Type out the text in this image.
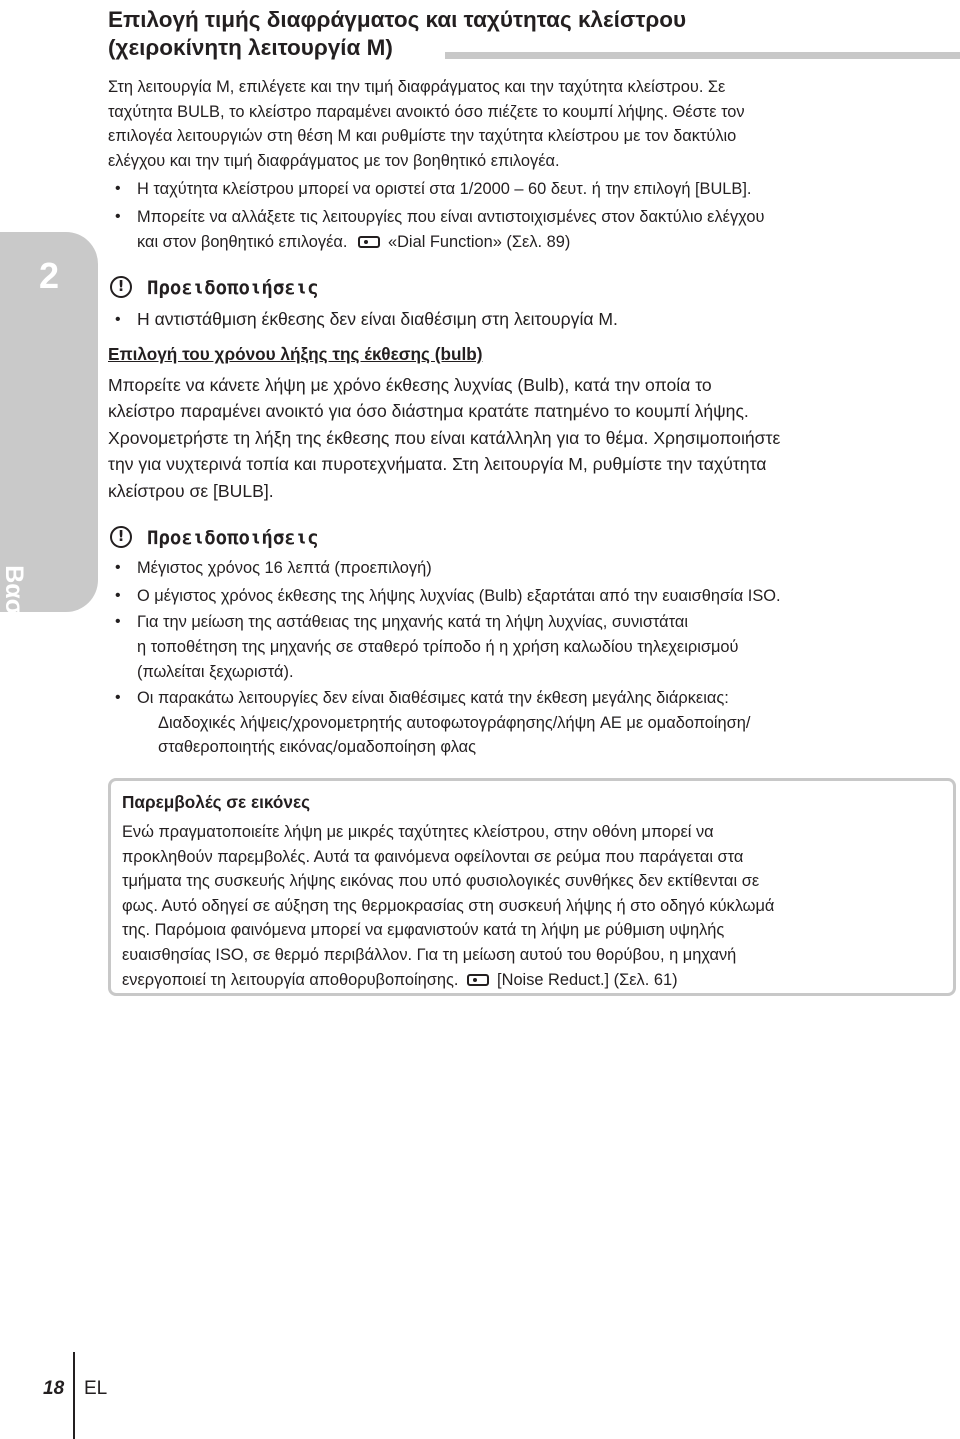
Επιλογή τιμής διαφράγματος και ταχύτητας κλείστρου
(χειροκίνητη λειτουργία M)
2
Βασική φωτογράφιση
Στη λειτουργία M, επιλέγετε και την τιμή διαφράγματος και την ταχύτητα κλείστρου. Σε
ταχύτητα BULB, το κλείστρο παραμένει ανοικτό όσο πιέζετε το κουμπί λήψης. Θέστε τον
επιλογέα λειτουργιών στη θέση M και ρυθμίστε την ταχύτητα κλείστρου με τον δακτύλιο
ελέγχου και την τιμή διαφράγματος με τον βοηθητικό επιλογέα.
• Η ταχύτητα κλείστρου μπορεί να οριστεί στα 1/2000 – 60 δευτ. ή την επιλογή [BULB].
• Μπορείτε να αλλάξετε τις λειτουργίες που είναι αντιστοιχισμένες στον δακτύλιο ελέγχου
και στον βοηθητικό επιλογέα. «Dial Function» (Σελ. 89)
!	Προειδοποιήσεις
• Η αντιστάθμιση έκθεσης δεν είναι διαθέσιμη στη λειτουργία M.
Επιλογή του χρόνου λήξης της έκθεσης (bulb)
Μπορείτε να κάνετε λήψη με χρόνο έκθεσης λυχνίας (Bulb), κατά την οποία το
κλείστρο παραμένει ανοικτό για όσο διάστημα κρατάτε πατημένο το κουμπί λήψης.
Χρονομετρήστε τη λήξη της έκθεσης που είναι κατάλληλη για το θέμα. Χρησιμοποιήστε
την για νυχτερινά τοπία και πυροτεχνήματα. Στη λειτουργία M, ρυθμίστε την ταχύτητα
κλείστρου σε [BULB].
!	Προειδοποιήσεις
• Μέγιστος χρόνος 16 λεπτά (προεπιλογή)
• Ο μέγιστος χρόνος έκθεσης της λήψης λυχνίας (Bulb) εξαρτάται από την ευαισθησία ISO.
• Για την μείωση της αστάθειας της μηχανής κατά τη λήψη λυχνίας, συνιστάται
η τοποθέτηση της μηχανής σε σταθερό τρίποδο ή η χρήση καλωδίου τηλεχειρισμού
(πωλείται ξεχωριστά).
• Οι παρακάτω λειτουργίες δεν είναι διαθέσιμες κατά την έκθεση μεγάλης διάρκειας:
Διαδοχικές λήψεις/χρονομετρητής αυτοφωτογράφησης/λήψη AE με ομαδοποίηση/
σταθεροποιητής εικόνας/ομαδοποίηση φλας
Παρεμβολές σε εικόνες
Ενώ πραγματοποιείτε λήψη με μικρές ταχύτητες κλείστρου, στην οθόνη μπορεί να
προκληθούν παρεμβολές. Αυτά τα φαινόμενα οφείλονται σε ρεύμα που παράγεται στα
τμήματα της συσκευής λήψης εικόνας που υπό φυσιολογικές συνθήκες δεν εκτίθενται σε
φως. Αυτό οδηγεί σε αύξηση της θερμοκρασίας στη συσκευή λήψης ή στο οδηγό κύκλωμά
της. Παρόμοια φαινόμενα μπορεί να εμφανιστούν κατά τη λήψη με ρύθμιση υψηλής
ευαισθησίας ISO, σε θερμό περιβάλλον. Για τη μείωση αυτού του θορύβου, η μηχανή
ενεργοποιεί τη λειτουργία αποθορυβοποίησης. [Noise Reduct.] (Σελ. 61)
18 EL
